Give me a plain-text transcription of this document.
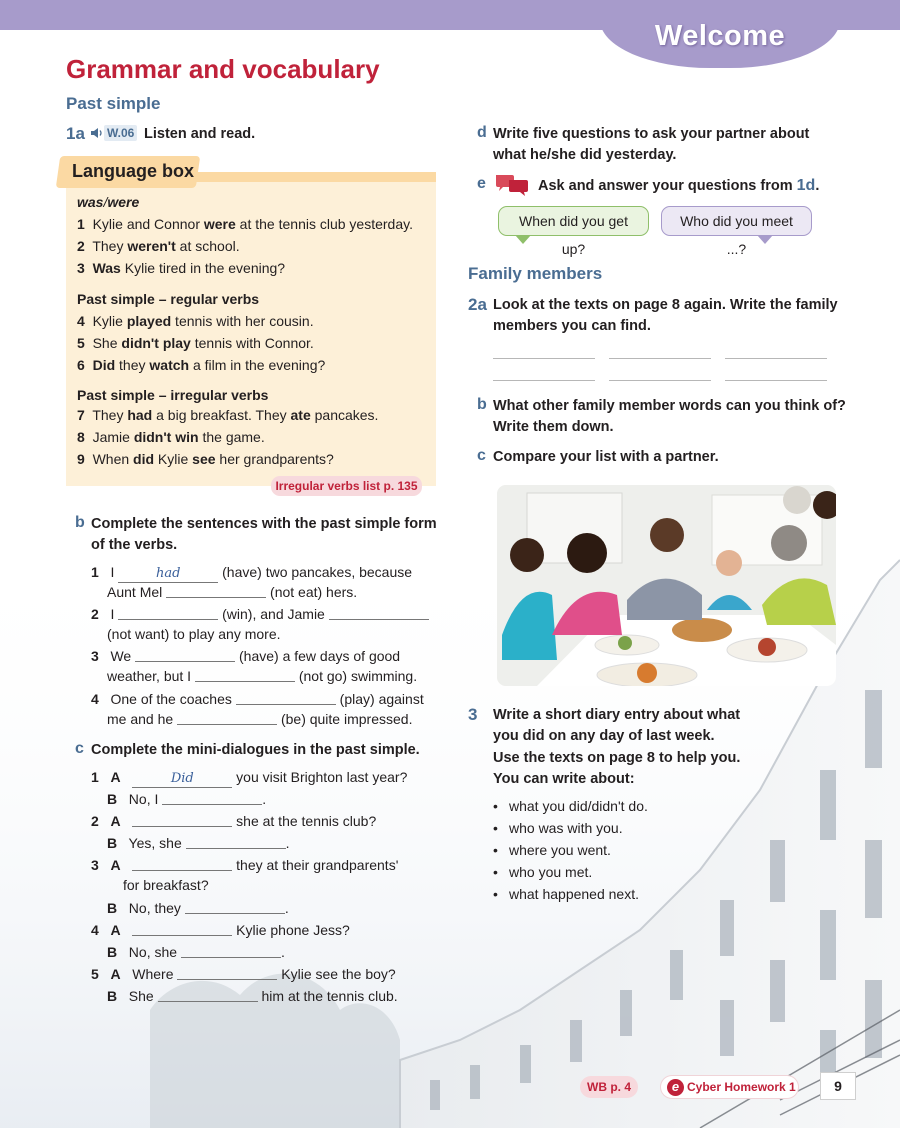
Welcome
Grammar and vocabulary
Past simple
1a W.06 Listen and read.
Language box
was/were
1 Kylie and Connor were at the tennis club yesterday.
2 They weren't at school.
3 Was Kylie tired in the evening?
Past simple – regular verbs
4 Kylie played tennis with her cousin.
5 She didn't play tennis with Connor.
6 Did they watch a film in the evening?
Past simple – irregular verbs
7 They had a big breakfast. They ate pancakes.
8 Jamie didn't win the game.
9 When did Kylie see her grandparents?
Irregular verbs list p. 135
b Complete the sentences with the past simple form
of the verbs.
1 I	had	(have) two pancakes, because
Aunt Mel	(not eat) hers.
2 I	(win), and Jamie
(not want) to play any more.
3 We	(have) a few days of good
weather, but I	(not go) swimming.
4 One of the coaches	(play) against
me and he	(be) quite impressed.
c Complete the mini-dialogues in the past simple.
1 A	Did	you visit Brighton last year?
B No, I	.
2 A	she at the tennis club?
B Yes, she	.
3 A	they at their grandparents'
for breakfast?
B No, they	.
4 A	Kylie phone Jess?
B No, she	.
5 A Where	Kylie see the boy?
B She	him at the tennis club.
d Write five questions to ask your partner about
what he/she did yesterday.
e	Ask and answer your questions from 1d.
When did you get up?
Who did you meet ...?
Family members
2a Look at the texts on page 8 again. Write the family
members you can find.
b What other family member words can you think of?
Write them down.
c Compare your list with a partner.
3 Write a short diary entry about what
you did on any day of last week.
Use the texts on page 8 to help you.
You can write about:
• what you did/didn't do.
• who was with you.
• where you went.
• who you met.
• what happened next.
WB p. 4	Cyber Homework 1
e	9
